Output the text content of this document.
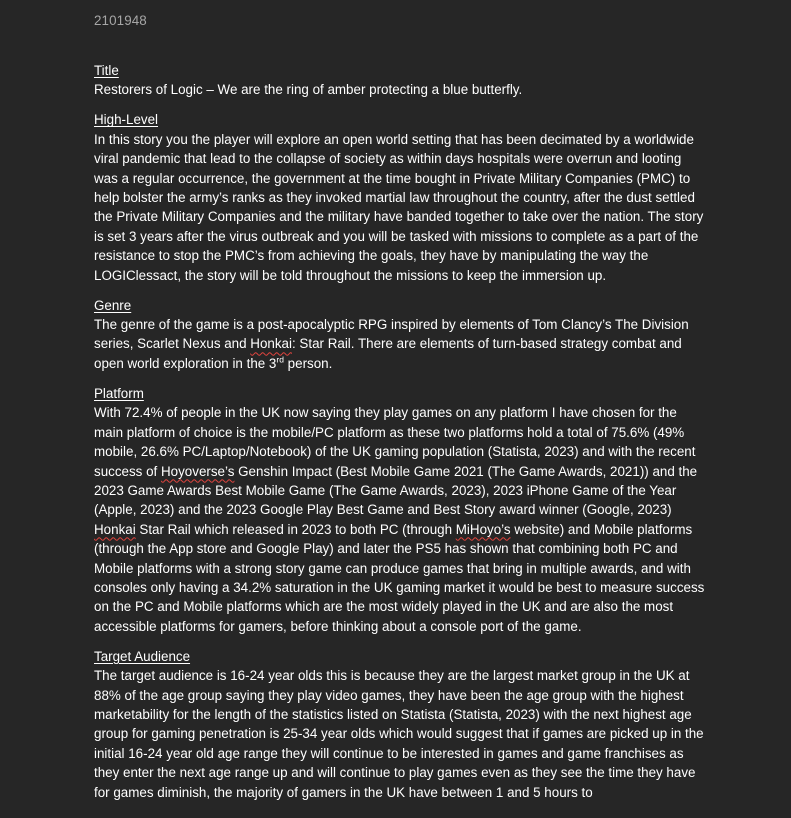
2101948
Title
Restorers of Logic – We are the ring of amber protecting a blue butterfly.
High-Level
In this story you the player will explore an open world setting that has been decimated by a worldwide viral pandemic that lead to the collapse of society as within days hospitals were overrun and looting was a regular occurrence, the government at the time bought in Private Military Companies (PMC) to help bolster the army’s ranks as they invoked martial law throughout the country, after the dust settled the Private Military Companies and the military have banded together to take over the nation. The story is set 3 years after the virus outbreak and you will be tasked with missions to complete as a part of the resistance to stop the PMC’s from achieving the goals, they have by manipulating the way the LOGIClessact, the story will be told throughout the missions to keep the immersion up.
Genre
The genre of the game is a post-apocalyptic RPG inspired by elements of Tom Clancy’s The Division series, Scarlet Nexus and Honkai: Star Rail. There are elements of turn-based strategy combat and open world exploration in the 3rd person.
Platform
With 72.4% of people in the UK now saying they play games on any platform I have chosen for the main platform of choice is the mobile/PC platform as these two platforms hold a total of 75.6% (49% mobile, 26.6% PC/Laptop/Notebook) of the UK gaming population (Statista, 2023) and with the recent success of Hoyoverse’s Genshin Impact (Best Mobile Game 2021 (The Game Awards, 2021)) and the 2023 Game Awards Best Mobile Game (The Game Awards, 2023), 2023 iPhone Game of the Year (Apple, 2023) and the 2023 Google Play Best Game and Best Story award winner (Google, 2023) Honkai Star Rail which released in 2023 to both PC (through MiHoyo’s website) and Mobile platforms (through the App store and Google Play) and later the PS5 has shown that combining both PC and Mobile platforms with a strong story game can produce games that bring in multiple awards, and with consoles only having a 34.2% saturation in the UK gaming market it would be best to measure success on the PC and Mobile platforms which are the most widely played in the UK and are also the most accessible platforms for gamers, before thinking about a console port of the game.
Target Audience
The target audience is 16-24 year olds this is because they are the largest market group in the UK at 88% of the age group saying they play video games, they have been the age group with the highest marketability for the length of the statistics listed on Statista (Statista, 2023) with the next highest age group for gaming penetration is 25-34 year olds which would suggest that if games are picked up in the initial 16-24 year old age range they will continue to be interested in games and game franchises as they enter the next age range up and will continue to play games even as they see the time they have for games diminish, the majority of gamers in the UK have between 1 and 5 hours to
